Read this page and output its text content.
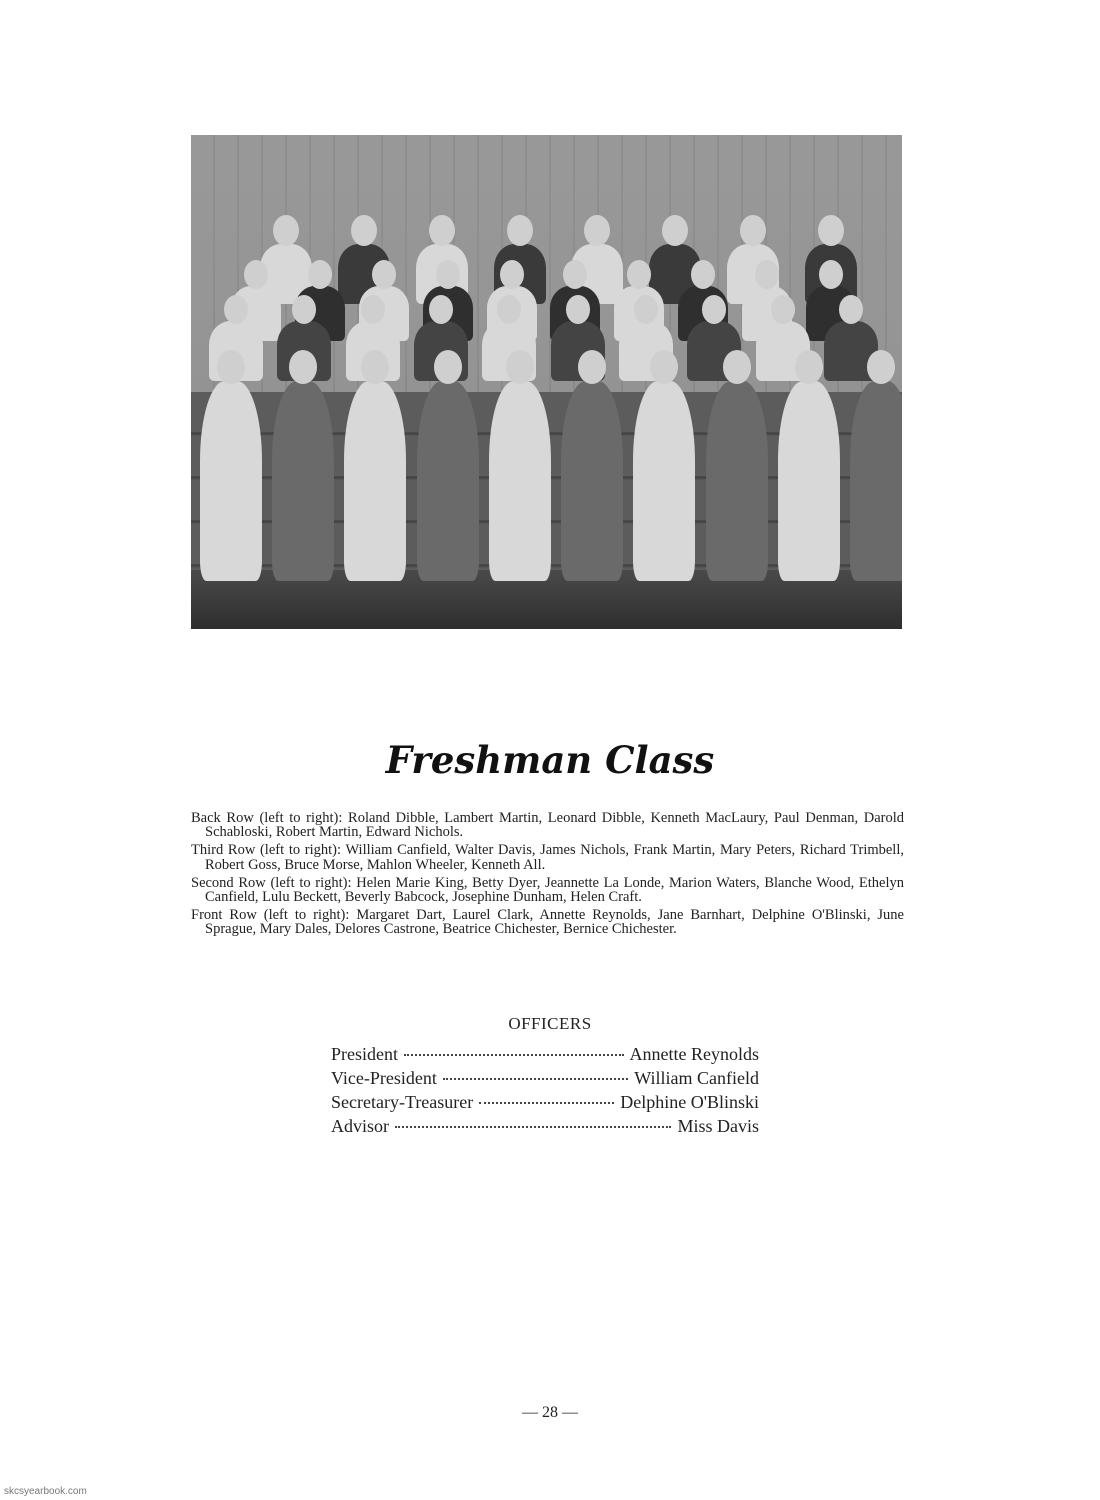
Freshman Class

Back Row (left to right): Roland Dibble, Lambert Martin, Leonard Dibble, Kenneth MacLaury, Paul Denman, Darold Schabloski, Robert Martin, Edward Nichols.

Third Row (left to right): William Canfield, Walter Davis, James Nichols, Frank Martin, Mary Peters, Richard Trimbell, Robert Goss, Bruce Morse, Mahlon Wheeler, Kenneth All.

Second Row (left to right): Helen Marie King, Betty Dyer, Jeannette La Londe, Marion Waters, Blanche Wood, Ethelyn Canfield, Lulu Beckett, Beverly Babcock, Josephine Dunham, Helen Craft.

Front Row (left to right): Margaret Dart, Laurel Clark, Annette Reynolds, Jane Barnhart, Delphine O'Blinski, June Sprague, Mary Dales, Delores Castrone, Beatrice Chichester, Bernice Chichester.

OFFICERS
President	Annette Reynolds
Vice-President	William Canfield
Secretary-Treasurer	Delphine O'Blinski
Advisor	Miss Davis
— 28 —
skcsyearbook.com
